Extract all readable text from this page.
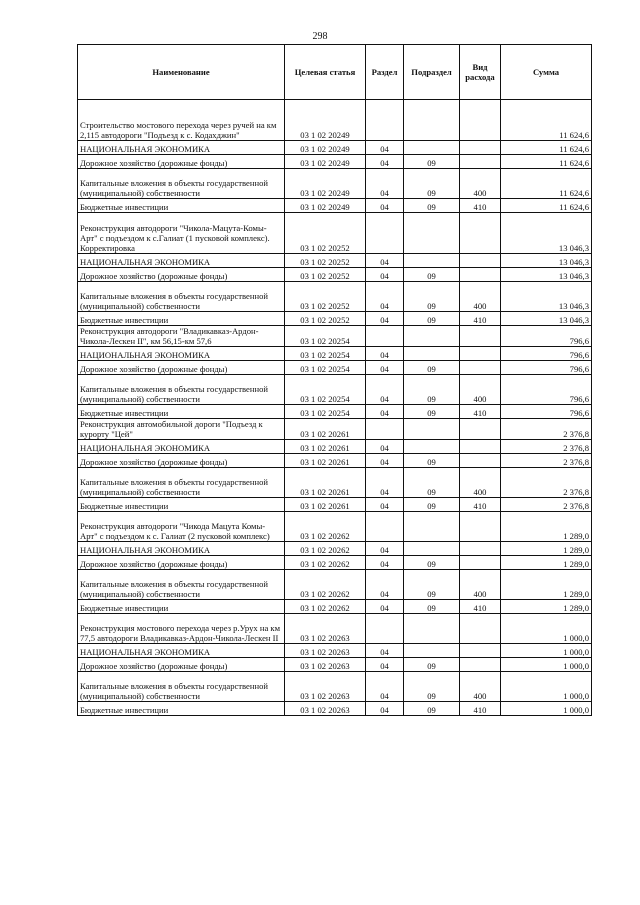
298
Наименование	Целевая статья	Раздел	Подраздел	Вид расхода	Сумма
Строительство мостового перехода через ручей на км 2,115 автодороги "Подъезд к с. Кодахджин"	03 1 02 20249				11 624,6
НАЦИОНАЛЬНАЯ ЭКОНОМИКА	03 1 02 20249	04			11 624,6
Дорожное хозяйство (дорожные фонды)	03 1 02 20249	04	09		11 624,6
Капитальные вложения в объекты государственной (муниципальной) собственности	03 1 02 20249	04	09	400	11 624,6
Бюджетные инвестиции	03 1 02 20249	04	09	410	11 624,6
Реконструкция автодороги "Чикола-Мацута-Комы-Арт" с подъездом к с.Галиат (1 пусковой комплекс). Корректировка	03 1 02 20252				13 046,3
НАЦИОНАЛЬНАЯ ЭКОНОМИКА	03 1 02 20252	04			13 046,3
Дорожное хозяйство (дорожные фонды)	03 1 02 20252	04	09		13 046,3
Капитальные вложения в объекты государственной (муниципальной) собственности	03 1 02 20252	04	09	400	13 046,3
Бюджетные инвестиции	03 1 02 20252	04	09	410	13 046,3
Реконструкция автодороги "Владикавказ-Ардон-Чикола-Лескен II", км 56,15-км 57,6	03 1 02 20254				796,6
НАЦИОНАЛЬНАЯ ЭКОНОМИКА	03 1 02 20254	04			796,6
Дорожное хозяйство (дорожные фонды)	03 1 02 20254	04	09		796,6
Капитальные вложения в объекты государственной (муниципальной) собственности	03 1 02 20254	04	09	400	796,6
Бюджетные инвестиции	03 1 02 20254	04	09	410	796,6
Реконструкция автомобильной дороги "Подъезд к курорту "Цей"	03 1 02 20261				2 376,8
НАЦИОНАЛЬНАЯ ЭКОНОМИКА	03 1 02 20261	04			2 376,8
Дорожное хозяйство (дорожные фонды)	03 1 02 20261	04	09		2 376,8
Капитальные вложения в объекты государственной (муниципальной) собственности	03 1 02 20261	04	09	400	2 376,8
Бюджетные инвестиции	03 1 02 20261	04	09	410	2 376,8
Реконструкция автодороги "Чикода Мацута Комы-Арт" с подъездом к с. Галиат (2 пусковой комплекс)	03 1 02 20262				1 289,0
НАЦИОНАЛЬНАЯ ЭКОНОМИКА	03 1 02 20262	04			1 289,0
Дорожное хозяйство (дорожные фонды)	03 1 02 20262	04	09		1 289,0
Капитальные вложения в объекты государственной (муниципальной) собственности	03 1 02 20262	04	09	400	1 289,0
Бюджетные инвестиции	03 1 02 20262	04	09	410	1 289,0
Реконструкция мостового перехода через р.Урух на км 77,5 автодороги Владикавказ-Ардон-Чикола-Лескен II	03 1 02 20263				1 000,0
НАЦИОНАЛЬНАЯ ЭКОНОМИКА	03 1 02 20263	04			1 000,0
Дорожное хозяйство (дорожные фонды)	03 1 02 20263	04	09		1 000,0
Капитальные вложения в объекты государственной (муниципальной) собственности	03 1 02 20263	04	09	400	1 000,0
Бюджетные инвестиции	03 1 02 20263	04	09	410	1 000,0
